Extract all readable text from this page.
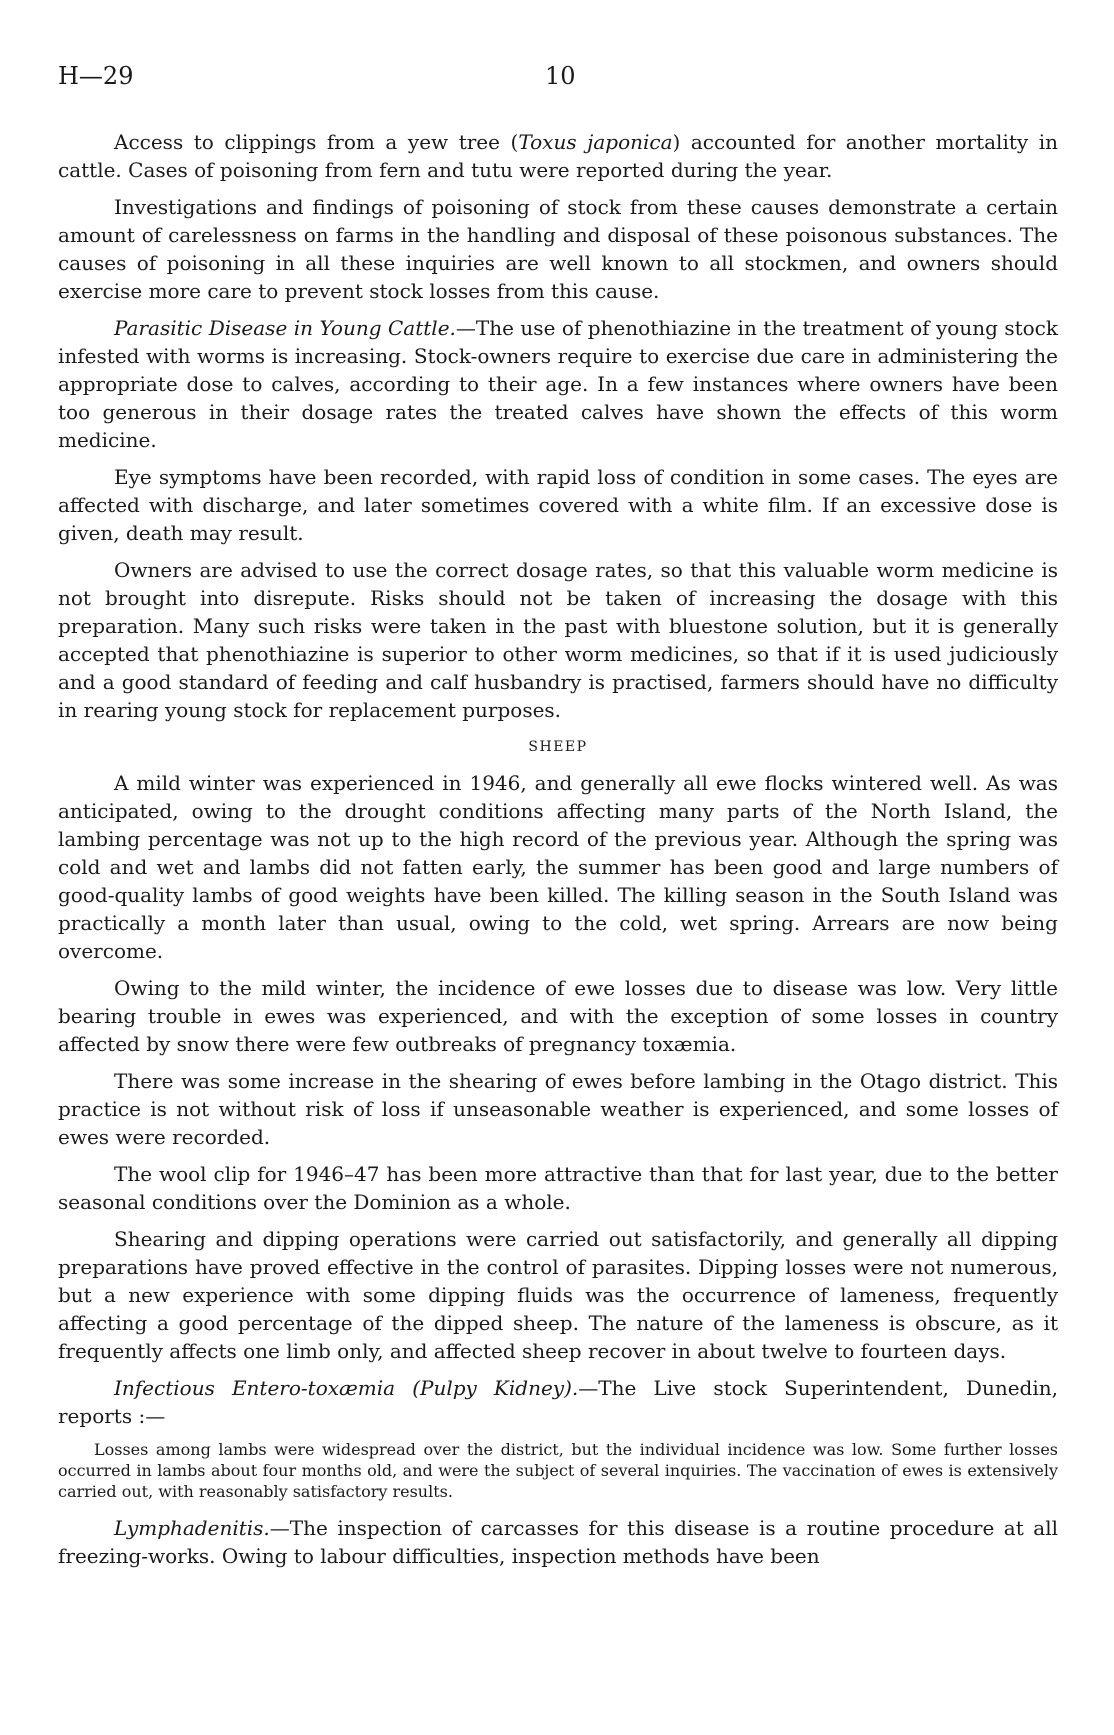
H—29	10

Access to clippings from a yew tree (Toxus japonica) accounted for another mortality in cattle. Cases of poisoning from fern and tutu were reported during the year.

Investigations and findings of poisoning of stock from these causes demonstrate a certain amount of carelessness on farms in the handling and disposal of these poisonous substances. The causes of poisoning in all these inquiries are well known to all stockmen, and owners should exercise more care to prevent stock losses from this cause.

Parasitic Disease in Young Cattle.—The use of phenothiazine in the treatment of young stock infested with worms is increasing. Stock-owners require to exercise due care in administering the appropriate dose to calves, according to their age. In a few instances where owners have been too generous in their dosage rates the treated calves have shown the effects of this worm medicine.

Eye symptoms have been recorded, with rapid loss of condition in some cases. The eyes are affected with discharge, and later sometimes covered with a white film. If an excessive dose is given, death may result.

Owners are advised to use the correct dosage rates, so that this valuable worm medicine is not brought into disrepute. Risks should not be taken of increasing the dosage with this preparation. Many such risks were taken in the past with bluestone solution, but it is generally accepted that phenothiazine is superior to other worm medicines, so that if it is used judiciously and a good standard of feeding and calf husbandry is practised, farmers should have no difficulty in rearing young stock for replacement purposes.

SHEEP

A mild winter was experienced in 1946, and generally all ewe flocks wintered well. As was anticipated, owing to the drought conditions affecting many parts of the North Island, the lambing percentage was not up to the high record of the previous year. Although the spring was cold and wet and lambs did not fatten early, the summer has been good and large numbers of good-quality lambs of good weights have been killed. The killing season in the South Island was practically a month later than usual, owing to the cold, wet spring. Arrears are now being overcome.

Owing to the mild winter, the incidence of ewe losses due to disease was low. Very little bearing trouble in ewes was experienced, and with the exception of some losses in country affected by snow there were few outbreaks of pregnancy toxæmia.

There was some increase in the shearing of ewes before lambing in the Otago district. This practice is not without risk of loss if unseasonable weather is experienced, and some losses of ewes were recorded.

The wool clip for 1946–47 has been more attractive than that for last year, due to the better seasonal conditions over the Dominion as a whole.

Shearing and dipping operations were carried out satisfactorily, and generally all dipping preparations have proved effective in the control of parasites. Dipping losses were not numerous, but a new experience with some dipping fluids was the occurrence of lameness, frequently affecting a good percentage of the dipped sheep. The nature of the lameness is obscure, as it frequently affects one limb only, and affected sheep recover in about twelve to fourteen days.

Infectious Entero-toxæmia (Pulpy Kidney).—The Live stock Superintendent, Dunedin, reports :—

Losses among lambs were widespread over the district, but the individual incidence was low. Some further losses occurred in lambs about four months old, and were the subject of several inquiries. The vaccination of ewes is extensively carried out, with reasonably satisfactory results.

Lymphadenitis.—The inspection of carcasses for this disease is a routine procedure at all freezing-works. Owing to labour difficulties, inspection methods have been
